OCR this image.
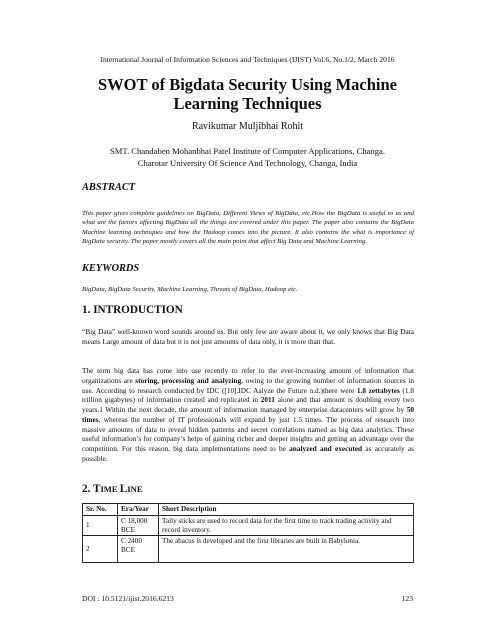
International Journal of Information Sciences and Techniques (IJIST) Vol.6, No.1/2, March 2016
SWOT of Bigdata Security Using Machine
Learning Techniques
Ravikumar Muljibhai Rohit
SMT. Chandaben Mohanbhai Patel Institute of Computer Applications, Changa.
Charotar University Of Science And Technology, Changa, India
ABSTRACT
This paper gives complete guidelines on BigData, Different Views of BigData, etc.How the BigData is useful to us and what are the factors affecting BigData all the things are covered under this paper. The paper also contains the BigData Machine learning techniques and how the Hadoop comes into the picture. It also contains the what is importance of BigData security. The paper mostly covers all the main point that affect Big Data and Machine Learning.
KEYWORDS
BigData, BigData Security, Machine Learning, Threats of BigData, Hadoop etc.
1. INTRODUCTION
“Big Data” well-known word sounds around us. But only few are aware about it, we only knows that Big Data means Large amount of data but it is not just amounts of data only, it is more than that.
The term big data has come into use recently to refer to the ever-increasing amount of information that organizations are storing, processing and analyzing, owing to the growing number of information sources in use. According to research conducted by IDC ([10].IDC Aalyze the Future n.d.)there were 1.8 zettabytes (1.8 trillion gigabytes) of information created and replicated in 2011 alone and that amount is doubling every two years.1 Within the next decade, the amount of information managed by enterprise datacenters will grow by 50 times, whereas the number of IT professionals will expand by just 1.5 times. The process of research into massive amounts of data to reveal hidden patterns and secret correlations named as big data analytics. These useful information’s for company’s helps of gaining richer and deeper insights and getting an advantage over the competition. For this reason, big data implementations need to be analyzed and executed as accurately as possible.
2. TIME LINE
Sr. No.	Era/Year	Short Description
1	C 18,000 BCE	Tally sticks are used to record data for the first time to track trading activity and record inventory.
2	C 2400 BCE	The abacus is developed and the first libraries are built in Babylonia.
DOI : 10.5121/ijist.2016.6213	123
